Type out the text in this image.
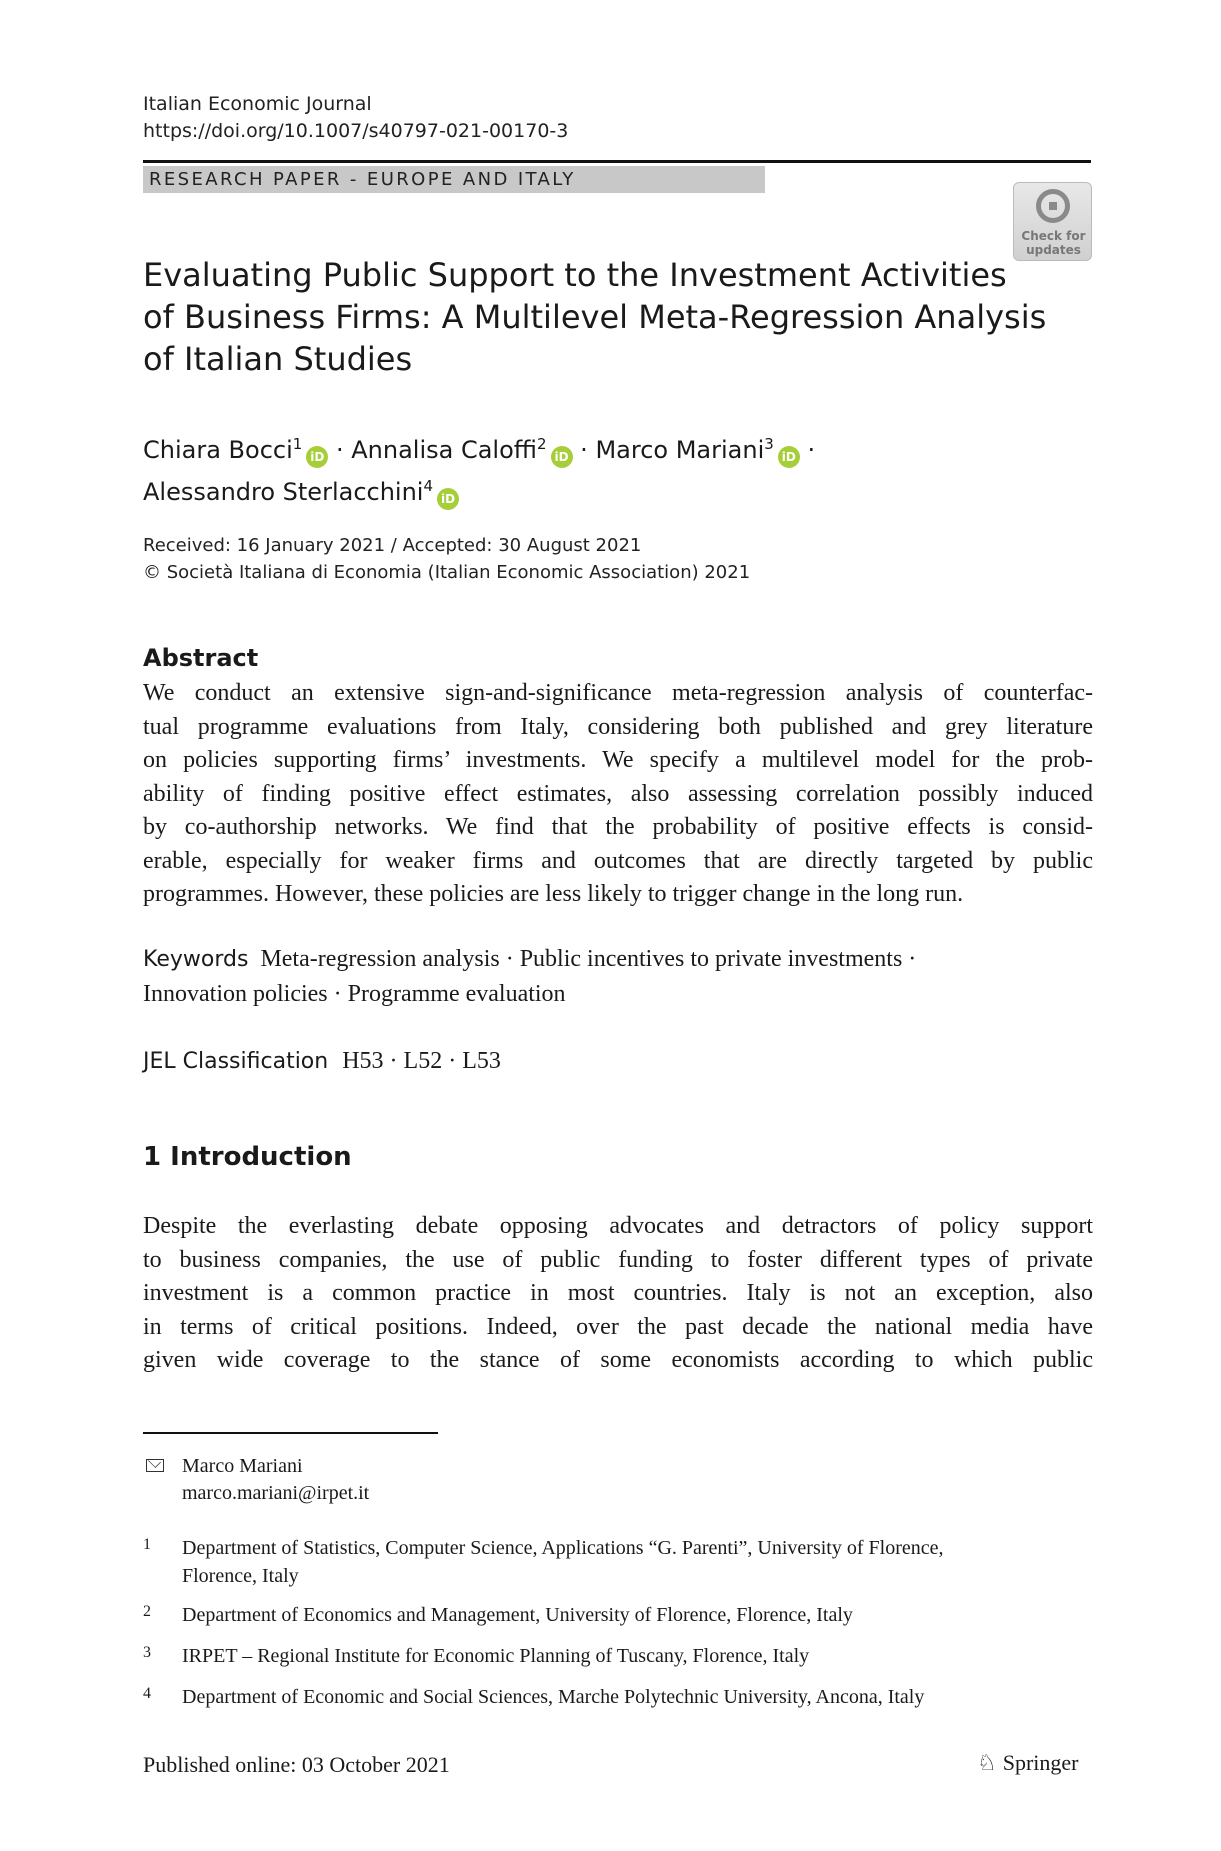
Italian Economic Journal
https://doi.org/10.1007/s40797-021-00170-3
RESEARCH PAPER - EUROPE AND ITALY
Check for
updates
Evaluating Public Support to the Investment Activities
of Business Firms: A Multilevel Meta-Regression Analysis
of Italian Studies
Chiara Bocci$^1$iD · Annalisa Caloffi$^2$iD · Marco Mariani$^3$iD ·
Alessandro Sterlacchini$^4$iD
Received: 16 January 2021 / Accepted: 30 August 2021
© Società Italiana di Economia (Italian Economic Association) 2021
Abstract
We conduct an extensive sign-and-significance meta-regression analysis of counterfac-
tual programme evaluations from Italy, considering both published and grey literature
on policies supporting firms’ investments. We specify a multilevel model for the prob-
ability of finding positive effect estimates, also assessing correlation possibly induced
by co-authorship networks. We find that the probability of positive effects is consid-
erable, especially for weaker firms and outcomes that are directly targeted by public
programmes. However, these policies are less likely to trigger change in the long run.
Keywords Meta-regression analysis · Public incentives to private investments ·
Innovation policies · Programme evaluation
JEL Classification H53 · L52 · L53
1 Introduction
Despite the everlasting debate opposing advocates and detractors of policy support
to business companies, the use of public funding to foster different types of private
investment is a common practice in most countries. Italy is not an exception, also
in terms of critical positions. Indeed, over the past decade the national media have
given wide coverage to the stance of some economists according to which public
Marco Mariani
marco.mariani@irpet.it
1 Department of Statistics, Computer Science, Applications “G. Parenti”, University of Florence,
Florence, Italy
2 Department of Economics and Management, University of Florence, Florence, Italy
3 IRPET – Regional Institute for Economic Planning of Tuscany, Florence, Italy
4 Department of Economic and Social Sciences, Marche Polytechnic University, Ancona, Italy
Published online: 03 October 2021	♘ Springer
